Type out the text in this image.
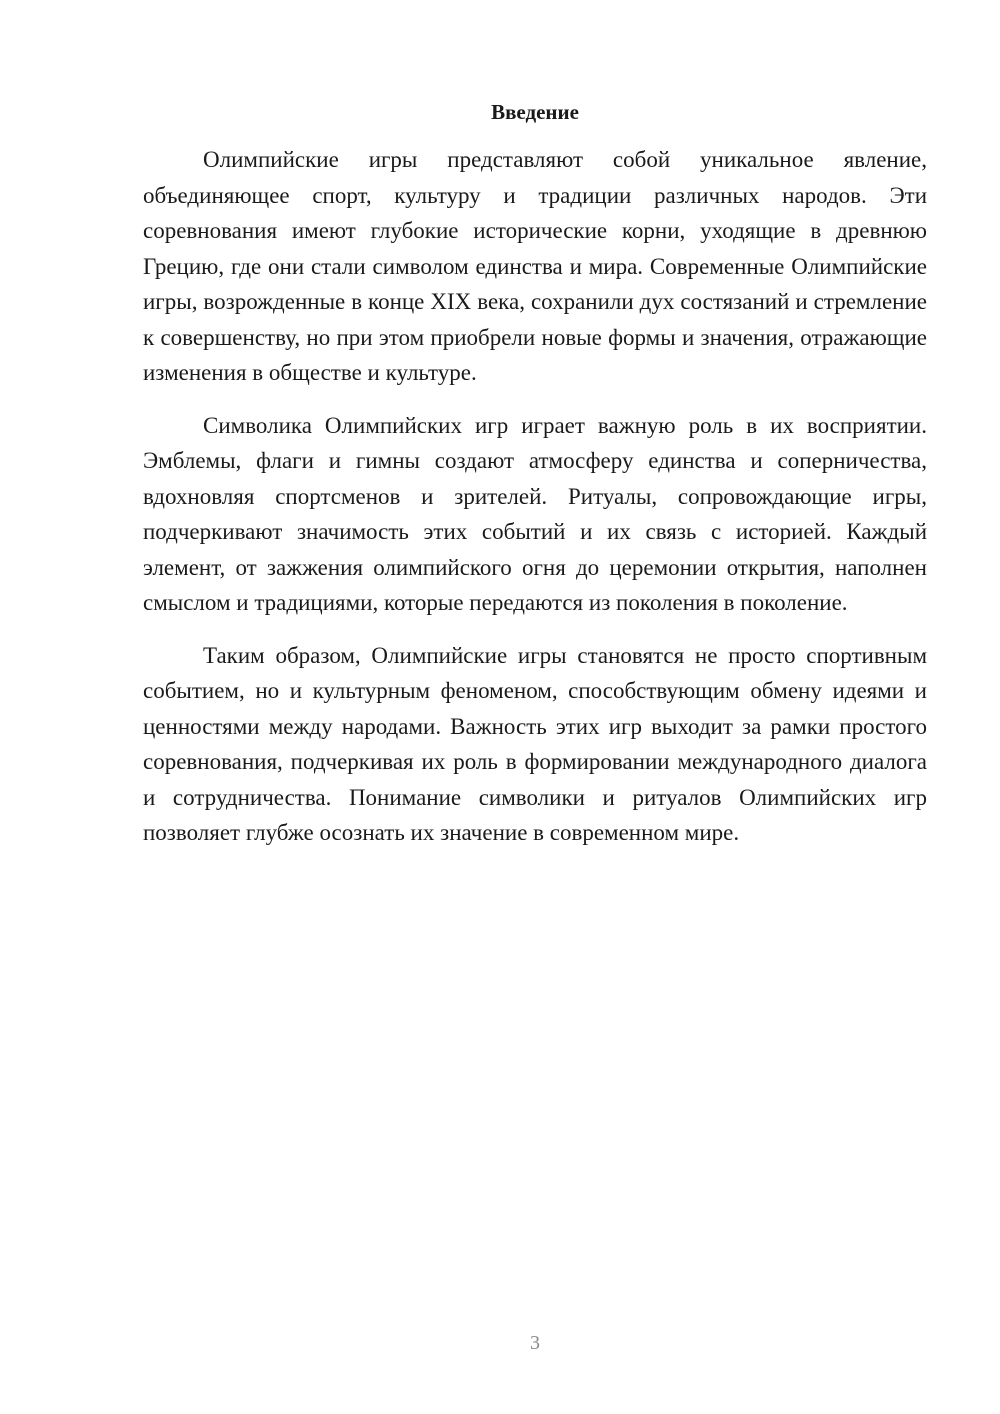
Введение

Олимпийские игры представляют собой уникальное явление, объединяющее спорт, культуру и традиции различных народов. Эти соревнования имеют глубокие исторические корни, уходящие в древнюю Грецию, где они стали символом единства и мира. Современные Олимпийские игры, возрожденные в конце XIX века, сохранили дух состязаний и стремление к совершенству, но при этом приобрели новые формы и значения, отражающие изменения в обществе и культуре.

Символика Олимпийских игр играет важную роль в их восприятии. Эмблемы, флаги и гимны создают атмосферу единства и соперничества, вдохновляя спортсменов и зрителей. Ритуалы, сопровождающие игры, подчеркивают значимость этих событий и их связь с историей. Каждый элемент, от зажжения олимпийского огня до церемонии открытия, наполнен смыслом и традициями, которые передаются из поколения в поколение.

Таким образом, Олимпийские игры становятся не просто спортивным событием, но и культурным феноменом, способствующим обмену идеями и ценностями между народами. Важность этих игр выходит за рамки простого соревнования, подчеркивая их роль в формировании международного диалога и сотрудничества. Понимание символики и ритуалов Олимпийских игр позволяет глубже осознать их значение в современном мире.

3
